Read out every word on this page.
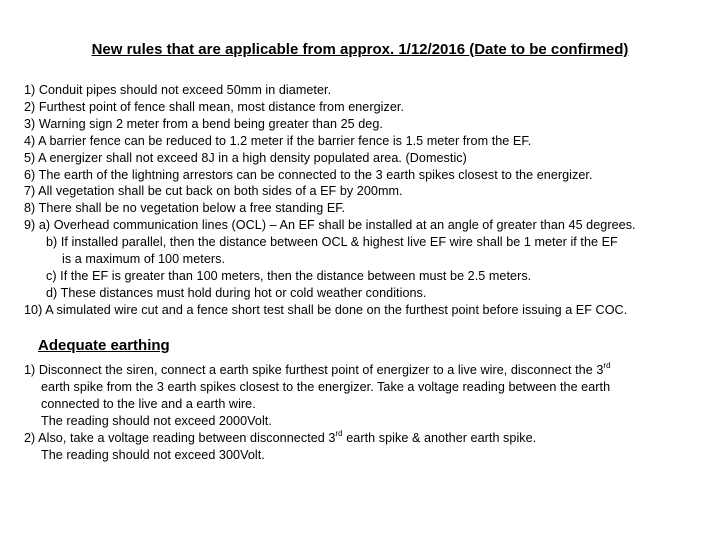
New rules that are applicable from approx. 1/12/2016 (Date to be confirmed)
1) Conduit pipes should not exceed 50mm in diameter.
2) Furthest point of fence shall mean, most distance from energizer.
3) Warning sign 2 meter from a bend being greater than 25 deg.
4) A barrier fence can be reduced to 1.2 meter if the barrier fence is 1.5 meter from the EF.
5) A energizer shall not exceed 8J in a high density populated area. (Domestic)
6) The earth of the lightning arrestors can be connected to the 3 earth spikes closest to the energizer.
7) All vegetation shall be cut back on both sides of a EF by 200mm.
8) There shall be no vegetation below a free standing EF.
9) a) Overhead communication lines (OCL) – An EF shall be installed at an angle of greater than 45 degrees.
b) If installed parallel, then the distance between OCL & highest live EF wire shall be 1 meter if the EF
is a maximum of 100 meters.
c) If the EF is greater than 100 meters, then the distance between must be 2.5 meters.
d) These distances must hold during hot or cold weather conditions.
10) A simulated wire cut and a fence short test shall be done on the furthest point before issuing a EF COC.
Adequate earthing
1) Disconnect the siren, connect a earth spike furthest point of energizer to a live wire, disconnect the 3rd
earth spike from the 3 earth spikes closest to the energizer. Take a voltage reading between the earth
connected to the live and a earth wire.
The reading should not exceed 2000Volt.
2) Also, take a voltage reading between disconnected 3rd earth spike & another earth spike.
The reading should not exceed 300Volt.
